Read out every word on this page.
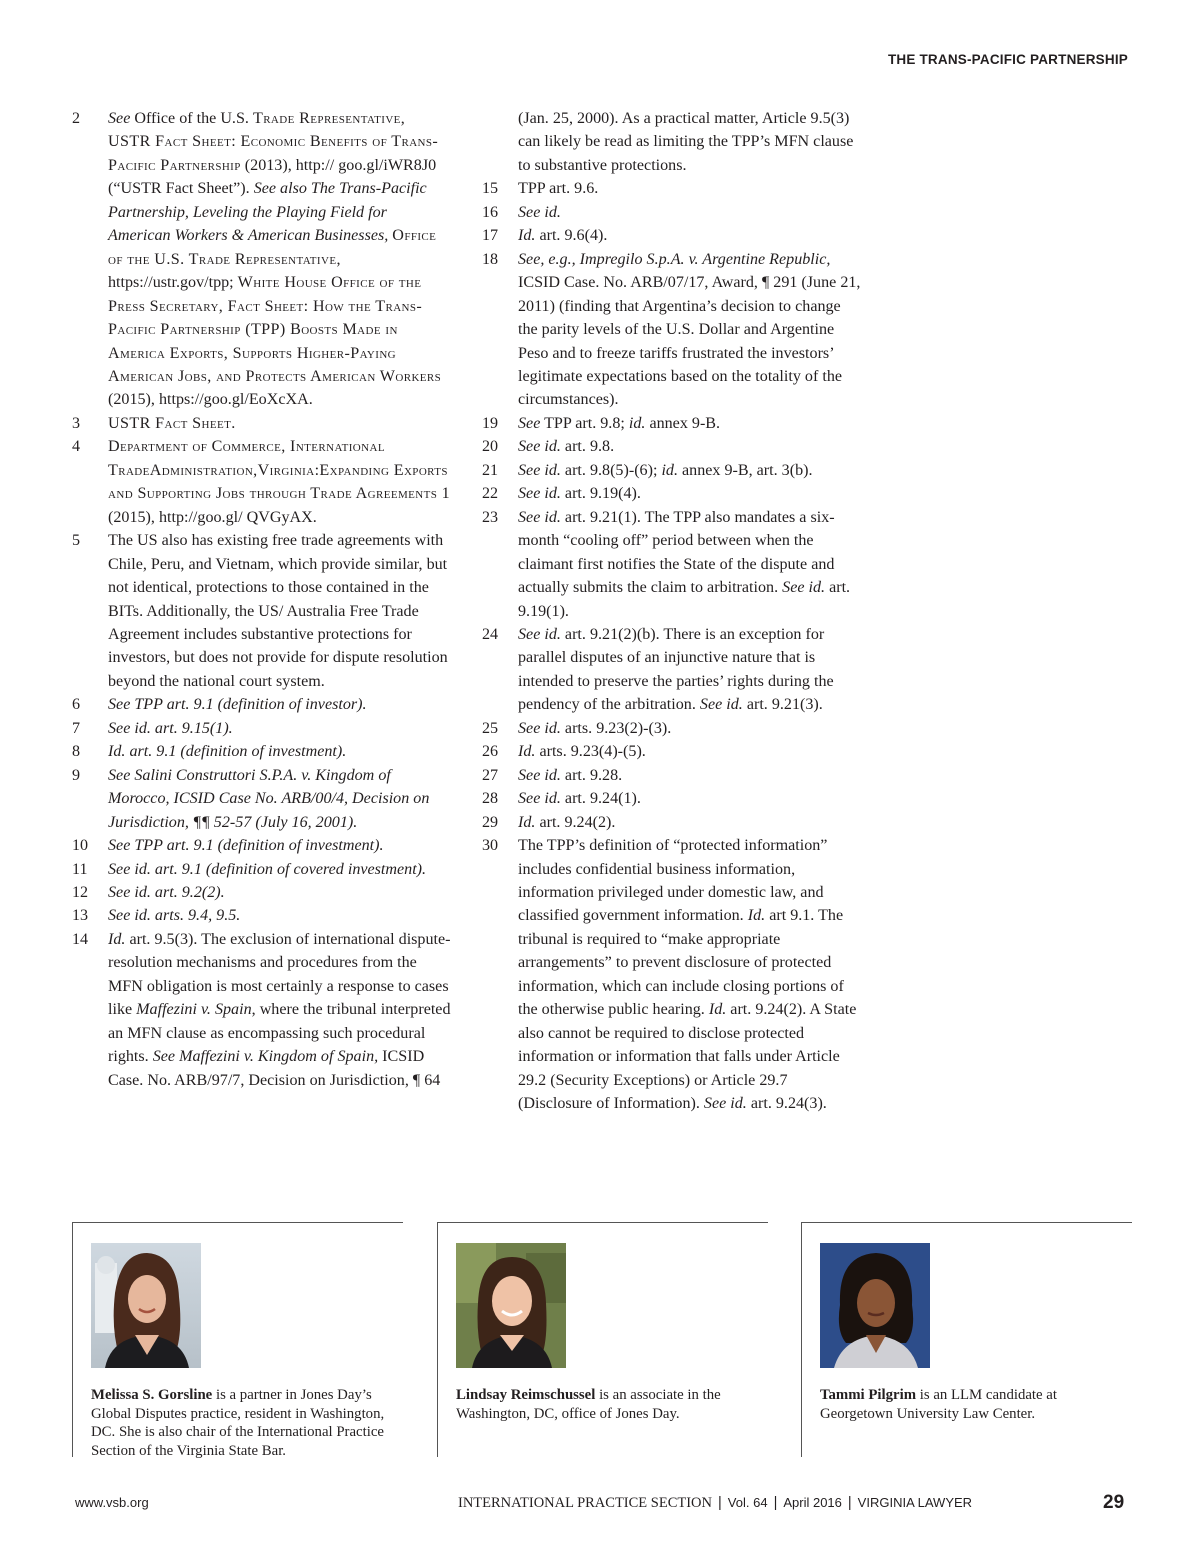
THE TRANS-PACIFIC PARTNERSHIP
2	See Office of the U.S. Trade Representative, USTR Fact Sheet: Economic Benefits of Trans-Pacific Partnership (2013), http:// goo.gl/iWR8J0 (“USTR Fact Sheet”). See also The Trans-Pacific Partnership, Leveling the Playing Field for American Workers & American Businesses, Office of the U.S. Trade Representative, https://ustr.gov/tpp; White House Office of the Press Secretary, Fact Sheet: How the Trans-Pacific Partnership (TPP) Boosts Made in America Exports, Supports Higher-Paying American Jobs, and Protects American Workers (2015), https://goo.gl/EoXcXA.
3	USTR Fact Sheet.
4	Department of Commerce, International TradeAdministration,Virginia:Expanding Exports and Supporting Jobs through Trade Agreements 1 (2015), http://goo.gl/ QVGyAX.
5	The US also has existing free trade agreements with Chile, Peru, and Vietnam, which provide similar, but not identical, protections to those contained in the BITs. Additionally, the US/ Australia Free Trade Agreement includes substantive protections for investors, but does not provide for dispute resolution beyond the national court system.
6	See TPP art. 9.1 (definition of investor).
7	See id. art. 9.15(1).
8	Id. art. 9.1 (definition of investment).
9	See Salini Construttori S.P.A. v. Kingdom of Morocco, ICSID Case No. ARB/00/4, Decision on Jurisdiction, ¶¶ 52-57 (July 16, 2001).
10	See TPP art. 9.1 (definition of investment).
11	See id. art. 9.1 (definition of covered investment).
12	See id. art. 9.2(2).
13	See id. arts. 9.4, 9.5.
14	Id. art. 9.5(3). The exclusion of international dispute-resolution mechanisms and procedures from the MFN obligation is most certainly a response to cases like Maffezini v. Spain, where the tribunal interpreted an MFN clause as encompassing such procedural rights. See Maffezini v. Kingdom of Spain, ICSID Case. No. ARB/97/7, Decision on Jurisdiction, ¶ 64
(Jan. 25, 2000). As a practical matter, Article 9.5(3) can likely be read as limiting the TPP’s MFN clause to substantive protections.
15	TPP art. 9.6.
16	See id.
17	Id. art. 9.6(4).
18	See, e.g., Impregilo S.p.A. v. Argentine Republic, ICSID Case. No. ARB/07/17, Award, ¶ 291 (June 21, 2011) (finding that Argentina’s decision to change the parity levels of the U.S. Dollar and Argentine Peso and to freeze tariffs frustrated the investors’ legitimate expectations based on the totality of the circumstances).
19	See TPP art. 9.8; id. annex 9-B.
20	See id. art. 9.8.
21	See id. art. 9.8(5)-(6); id. annex 9-B, art. 3(b).
22	See id. art. 9.19(4).
23	See id. art. 9.21(1). The TPP also mandates a six-month “cooling off” period between when the claimant first notifies the State of the dispute and actually submits the claim to arbitration. See id. art. 9.19(1).
24	See id. art. 9.21(2)(b). There is an exception for parallel disputes of an injunctive nature that is intended to preserve the parties’ rights during the pendency of the arbitration. See id. art. 9.21(3).
25	See id. arts. 9.23(2)-(3).
26	Id. arts. 9.23(4)-(5).
27	See id. art. 9.28.
28	See id. art. 9.24(1).
29	Id. art. 9.24(2).
30	The TPP’s definition of “protected information” includes confidential business information, information privileged under domestic law, and classified government information. Id. art 9.1. The tribunal is required to “make appropriate arrangements” to prevent disclosure of protected information, which can include closing portions of the otherwise public hearing. Id. art. 9.24(2). A State also cannot be required to disclose protected information or information that falls under Article 29.2 (Security Exceptions) or Article 29.7 (Disclosure of Information). See id. art. 9.24(3).
Melissa S. Gorsline is a partner in Jones Day’s Global Disputes practice, resident in Washington, DC. She is also chair of the International Practice Section of the Virginia State Bar.
Lindsay Reimschussel is an associate in the Washington, DC, office of Jones Day.
Tammi Pilgrim is an LLM candidate at Georgetown University Law Center.
www.vsb.org	INTERNATIONAL PRACTICE SECTION | Vol. 64 | April 2016 | VIRGINIA LAWYER	29
